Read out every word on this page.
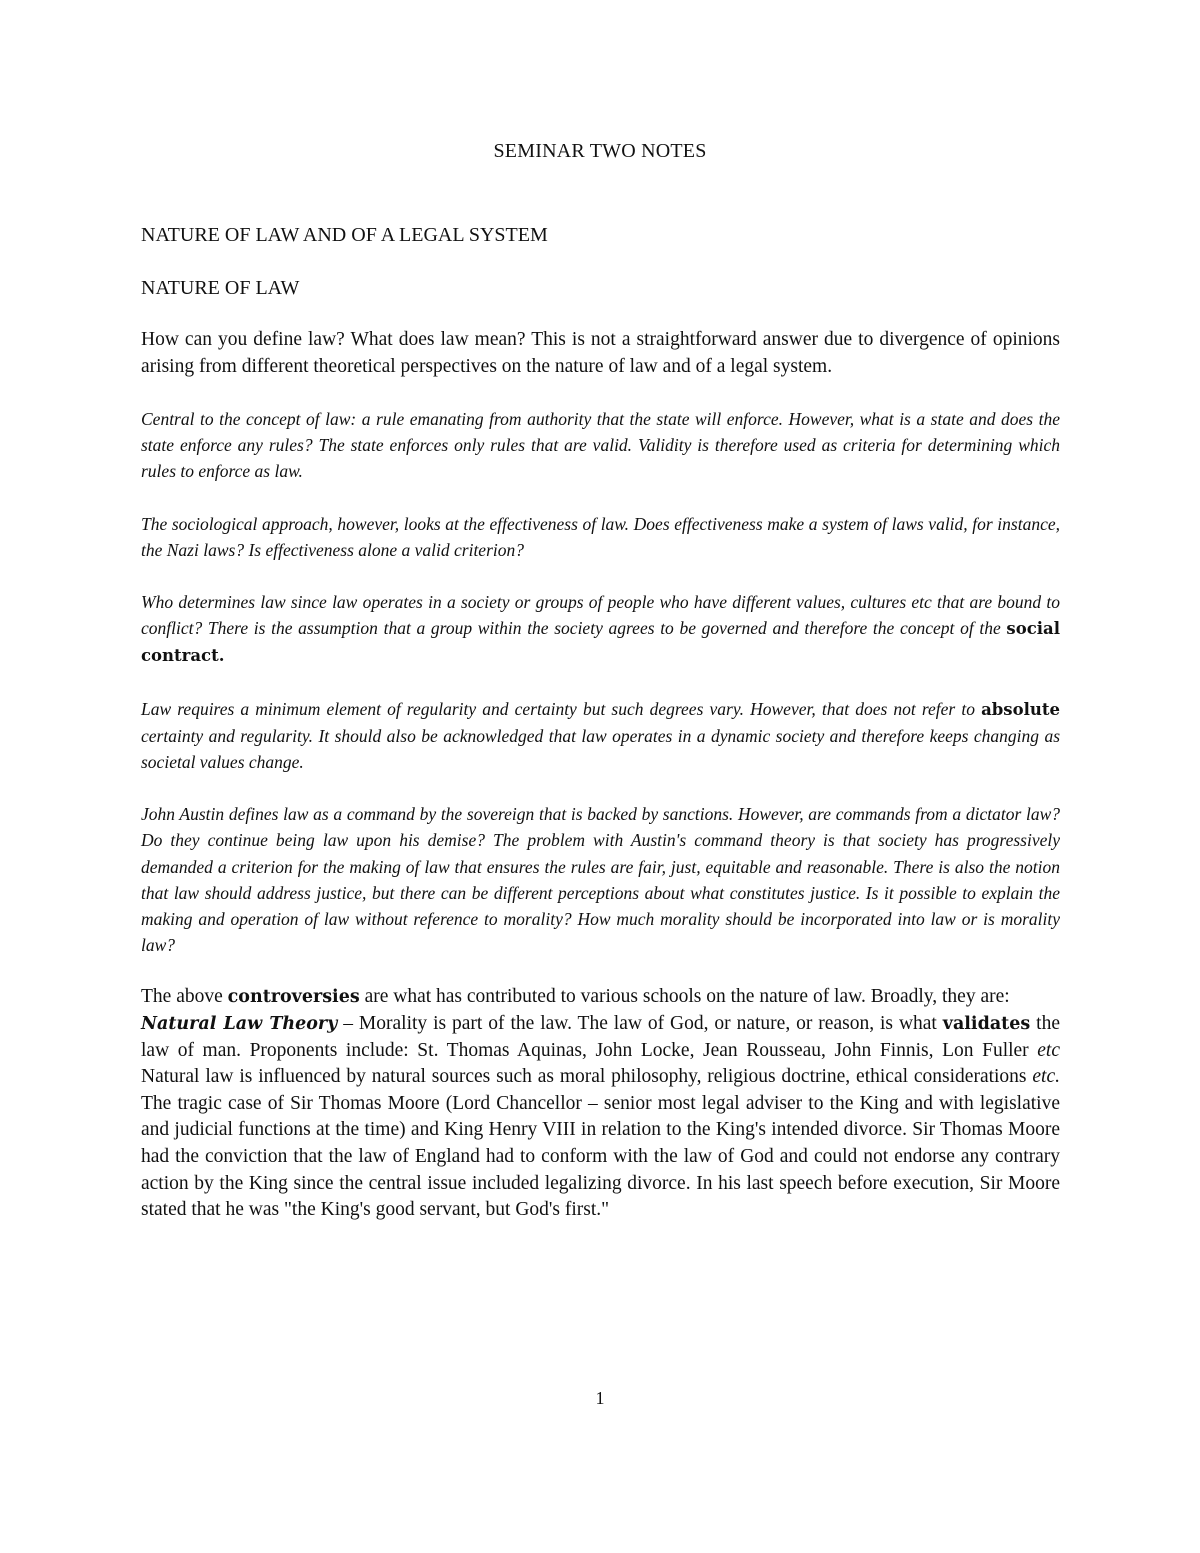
SEMINAR TWO NOTES

NATURE OF LAW AND OF A LEGAL SYSTEM

NATURE OF LAW

How can you define law? What does law mean? This is not a straightforward answer due to divergence of opinions arising from different theoretical perspectives on the nature of law and of a legal system.

Central to the concept of law: a rule emanating from authority that the state will enforce. However, what is a state and does the state enforce any rules? The state enforces only rules that are valid. Validity is therefore used as criteria for determining which rules to enforce as law.

The sociological approach, however, looks at the effectiveness of law. Does effectiveness make a system of laws valid, for instance, the Nazi laws? Is effectiveness alone a valid criterion?

Who determines law since law operates in a society or groups of people who have different values, cultures etc that are bound to conflict? There is the assumption that a group within the society agrees to be governed and therefore the concept of the social contract.

Law requires a minimum element of regularity and certainty but such degrees vary. However, that does not refer to absolute certainty and regularity. It should also be acknowledged that law operates in a dynamic society and therefore keeps changing as societal values change.

John Austin defines law as a command by the sovereign that is backed by sanctions. However, are commands from a dictator law? Do they continue being law upon his demise? The problem with Austin's command theory is that society has progressively demanded a criterion for the making of law that ensures the rules are fair, just, equitable and reasonable. There is also the notion that law should address justice, but there can be different perceptions about what constitutes justice. Is it possible to explain the making and operation of law without reference to morality? How much morality should be incorporated into law or is morality law?

The above controversies are what has contributed to various schools on the nature of law. Broadly, they are:

Natural Law Theory – Morality is part of the law. The law of God, or nature, or reason, is what validates the law of man. Proponents include: St. Thomas Aquinas, John Locke, Jean Rousseau, John Finnis, Lon Fuller etc Natural law is influenced by natural sources such as moral philosophy, religious doctrine, ethical considerations etc. The tragic case of Sir Thomas Moore (Lord Chancellor – senior most legal adviser to the King and with legislative and judicial functions at the time) and King Henry VIII in relation to the King's intended divorce. Sir Thomas Moore had the conviction that the law of England had to conform with the law of God and could not endorse any contrary action by the King since the central issue included legalizing divorce. In his last speech before execution, Sir Moore stated that he was "the King's good servant, but God's first."

1
